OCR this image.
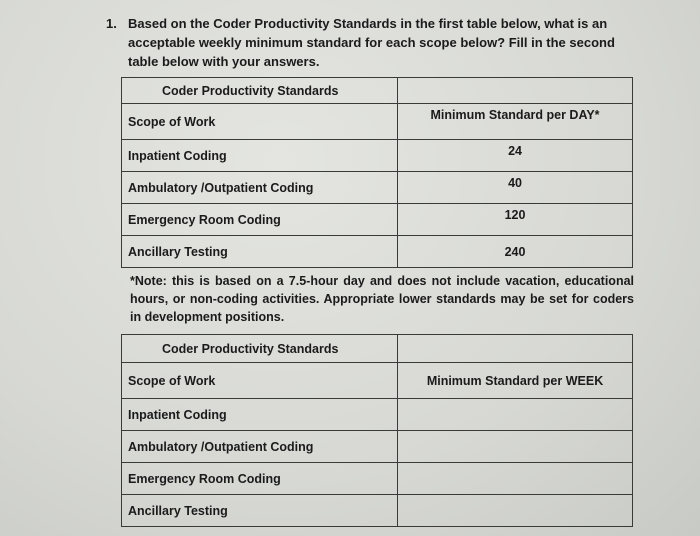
1. Based on the Coder Productivity Standards in the first table below, what is an acceptable weekly minimum standard for each scope below? Fill in the second table below with your answers.
Coder Productivity Standards	
Scope of Work	Minimum Standard per DAY*
Inpatient Coding	24
Ambulatory /Outpatient Coding	40
Emergency Room Coding	120
Ancillary Testing	240
*Note: this is based on a 7.5-hour day and does not include vacation, educational hours, or non-coding activities. Appropriate lower standards may be set for coders in development positions.
Coder Productivity Standards	
Scope of Work	Minimum Standard per WEEK
Inpatient Coding	
Ambulatory /Outpatient Coding	
Emergency Room Coding	
Ancillary Testing	
